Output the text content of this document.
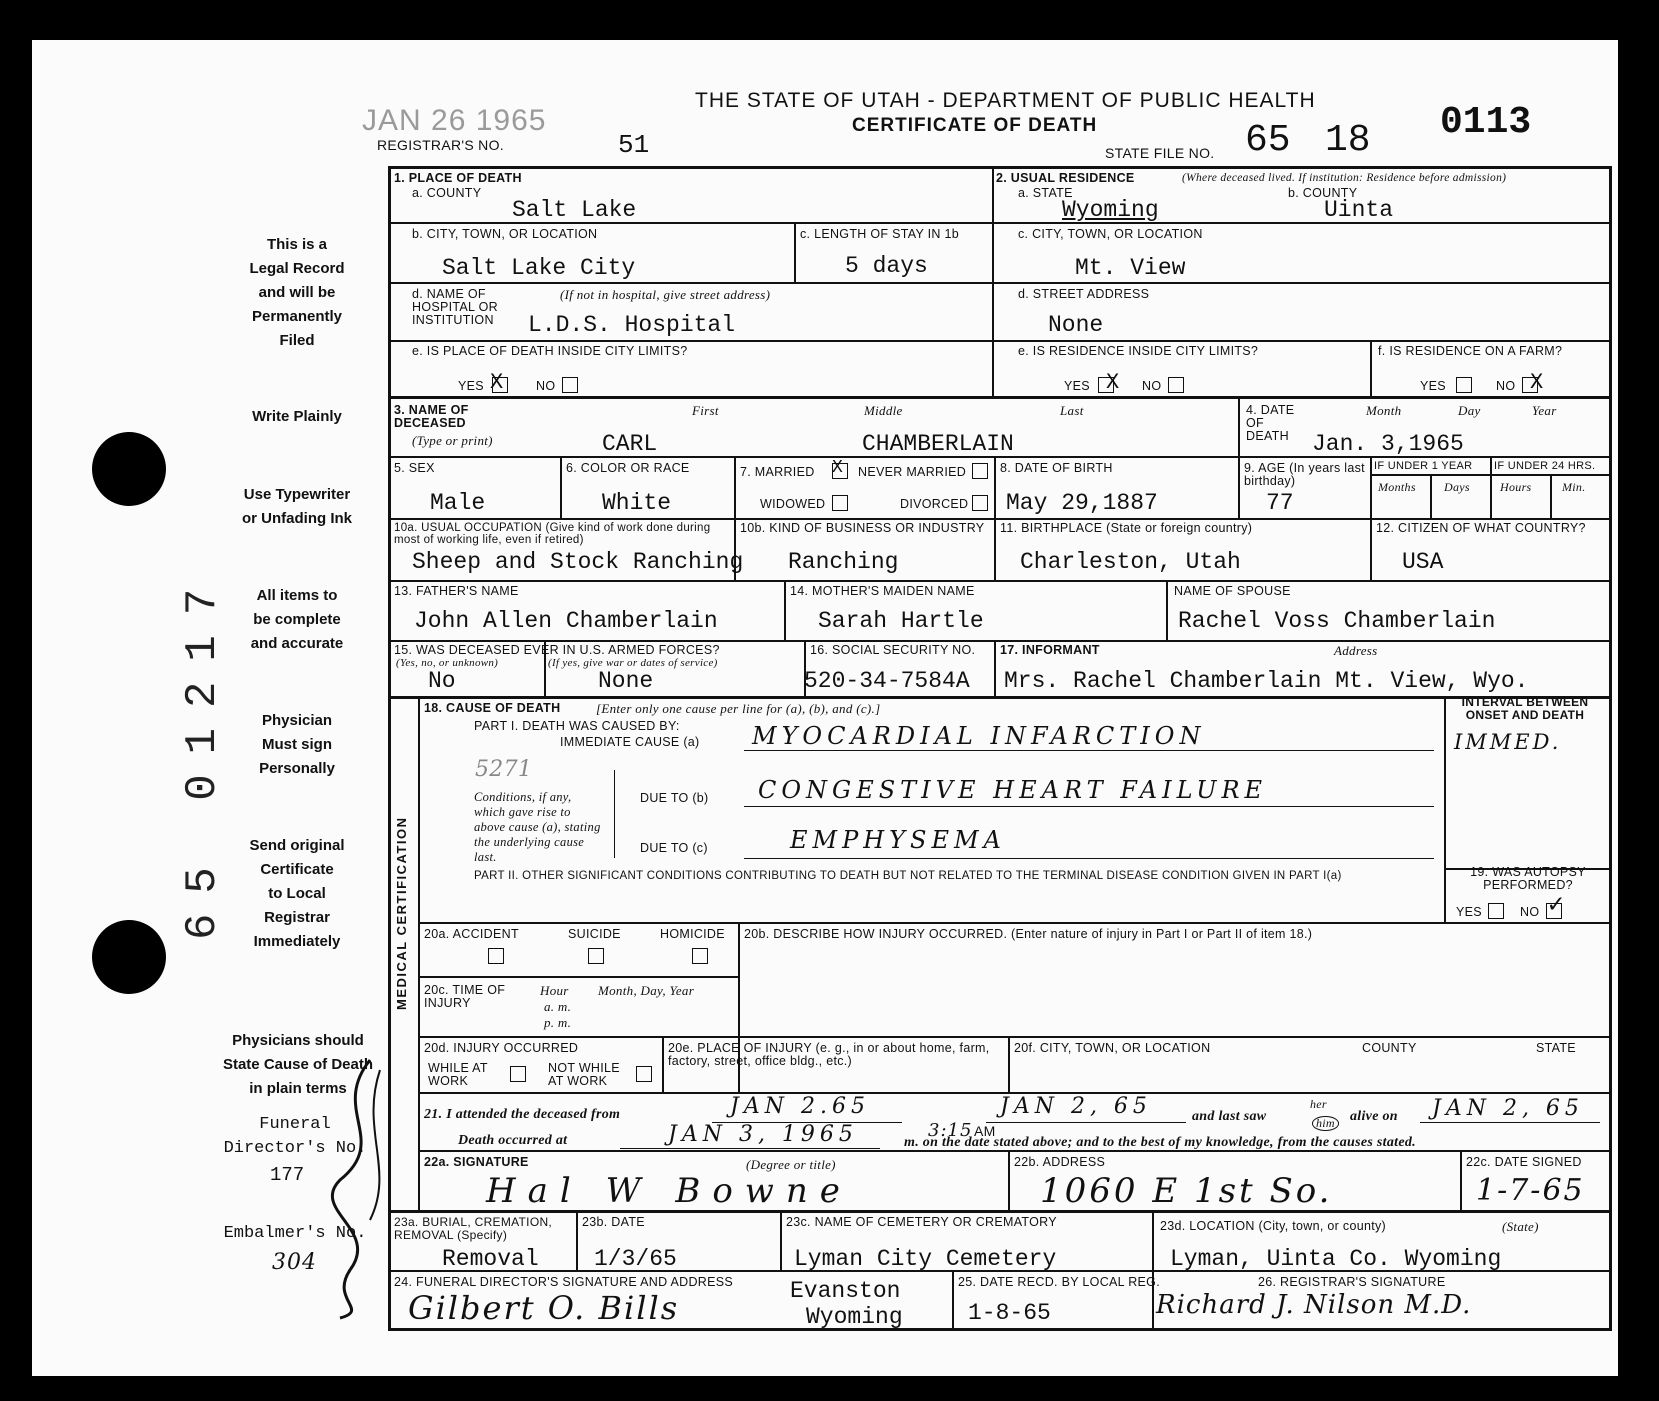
JAN 26 1965
REGISTRAR'S NO.	51
THE STATE OF UTAH - DEPARTMENT OF PUBLIC HEALTH
CERTIFICATE OF DEATH
STATE FILE NO. 65 18 0113
65 01217
This is a
Legal Record
and will be
Permanently
Filed
Write Plainly
Use Typewriter
or Unfading Ink
All items to
be complete
and accurate
Physician
Must sign
Personally
Send original
Certificate
to Local
Registrar
Immediately
Physicians should
State Cause of Death
in plain terms
Funeral
Director's No.
177
Embalmer's No.
304
1. PLACE OF DEATH
a. COUNTY
Salt Lake
b. CITY, TOWN, OR LOCATION
Salt Lake City
c. LENGTH OF STAY IN 1b
5 days
d. NAME OF HOSPITAL OR INSTITUTION
(If not in hospital, give street address)
L.D.S. Hospital
e. IS PLACE OF DEATH INSIDE CITY LIMITS?
YES X	NO
2. USUAL RESIDENCE	(Where deceased lived. If institution: Residence before admission)
a. STATE
Wyoming
b. COUNTY
Uinta
c. CITY, TOWN, OR LOCATION
Mt. View
d. STREET ADDRESS
None
e. IS RESIDENCE INSIDE CITY LIMITS?
YES X NO
f. IS RESIDENCE ON A FARM?
YES	NO X
3. NAME OF DECEASED
(Type or print)
First	Middle	Last
CARL	CHAMBERLAIN
4. DATE OF DEATH
Month	Day	Year
Jan. 3,1965
5. SEX
Male
6. COLOR OR RACE
White
7. MARRIED X NEVER MARRIED
WIDOWED	DIVORCED
8. DATE OF BIRTH
May 29,1887
9. AGE (In years last birthday)
77
IF UNDER 1 YEAR IF UNDER 24 HRS.
Months Days	Hours	Min.
10a. USUAL OCCUPATION (Give kind of work done during most of working life, even if retired)
Sheep and Stock Ranching
10b. KIND OF BUSINESS OR INDUSTRY
Ranching
11. BIRTHPLACE (State or foreign country)
Charleston, Utah
12. CITIZEN OF WHAT COUNTRY?
USA
13. FATHER'S NAME
John Allen Chamberlain
14. MOTHER'S MAIDEN NAME
Sarah Hartle
NAME OF SPOUSE
Rachel Voss Chamberlain
15. WAS DECEASED EVER IN U.S. ARMED FORCES?
(Yes, no, or unknown)	(If yes, give war or dates of service)
No	None
16. SOCIAL SECURITY NO.
520-34-7584A
17. INFORMANT	Address
Mrs. Rachel Chamberlain Mt. View, Wyo.
MEDICAL CERTIFICATION
18. CAUSE OF DEATH	[Enter only one cause per line for (a), (b), and (c).]
PART I. DEATH WAS CAUSED BY:
IMMEDIATE CAUSE (a) MYOCARDIAL INFARCTION
5271
Conditions, if any, which gave rise to above cause (a), stating the underlying cause last.
DUE TO (b) CONGESTIVE HEART FAILURE
DUE TO (c)	EMPHYSEMA
INTERVAL BETWEEN ONSET AND DEATH
IMMED.
PART II. OTHER SIGNIFICANT CONDITIONS CONTRIBUTING TO DEATH BUT NOT RELATED TO THE TERMINAL DISEASE CONDITION GIVEN IN PART I(a)	19. WAS AUTOPSY PERFORMED?
YES	NO ✓
20a. ACCIDENT	SUICIDE	HOMICIDE 20b. DESCRIBE HOW INJURY OCCURRED. (Enter nature of injury in Part I or Part II of item 18.)
20c. TIME OF INJURY
Hour
a. m.
p. m.
Month, Day, Year
20d. INJURY OCCURRED
WHILE AT WORK
NOT WHILE AT WORK
20e. PLACE OF INJURY (e. g., in or about home, farm, factory, street, office bldg., etc.)
20f. CITY, TOWN, OR LOCATION	COUNTY	STATE
21. I attended the deceased from	JAN 2.65	JAN 2, 65	and last saw
her
him alive on JAN 2, 65
Death occurred at	JAN 3, 1965	3:15 AM
m. on the date stated above; and to the best of my knowledge, from the causes stated.
22a. SIGNATURE	(Degree or title)
Hal W Bowne
22b. ADDRESS
1060 E 1st So.
22c. DATE SIGNED
1-7-65
23a. BURIAL, CREMATION, REMOVAL (Specify)
Removal
23b. DATE
1/3/65
23c. NAME OF CEMETERY OR CREMATORY
Lyman City Cemetery
23d. LOCATION (City, town, or county)	(State)
Lyman, Uinta Co. Wyoming
24. FUNERAL DIRECTOR'S SIGNATURE AND ADDRESS
Gilbert O. Bills	Evanston
Wyoming
25. DATE RECD. BY LOCAL REG.
1-8-65
26. REGISTRAR'S SIGNATURE
Richard J. Nilson M.D.
